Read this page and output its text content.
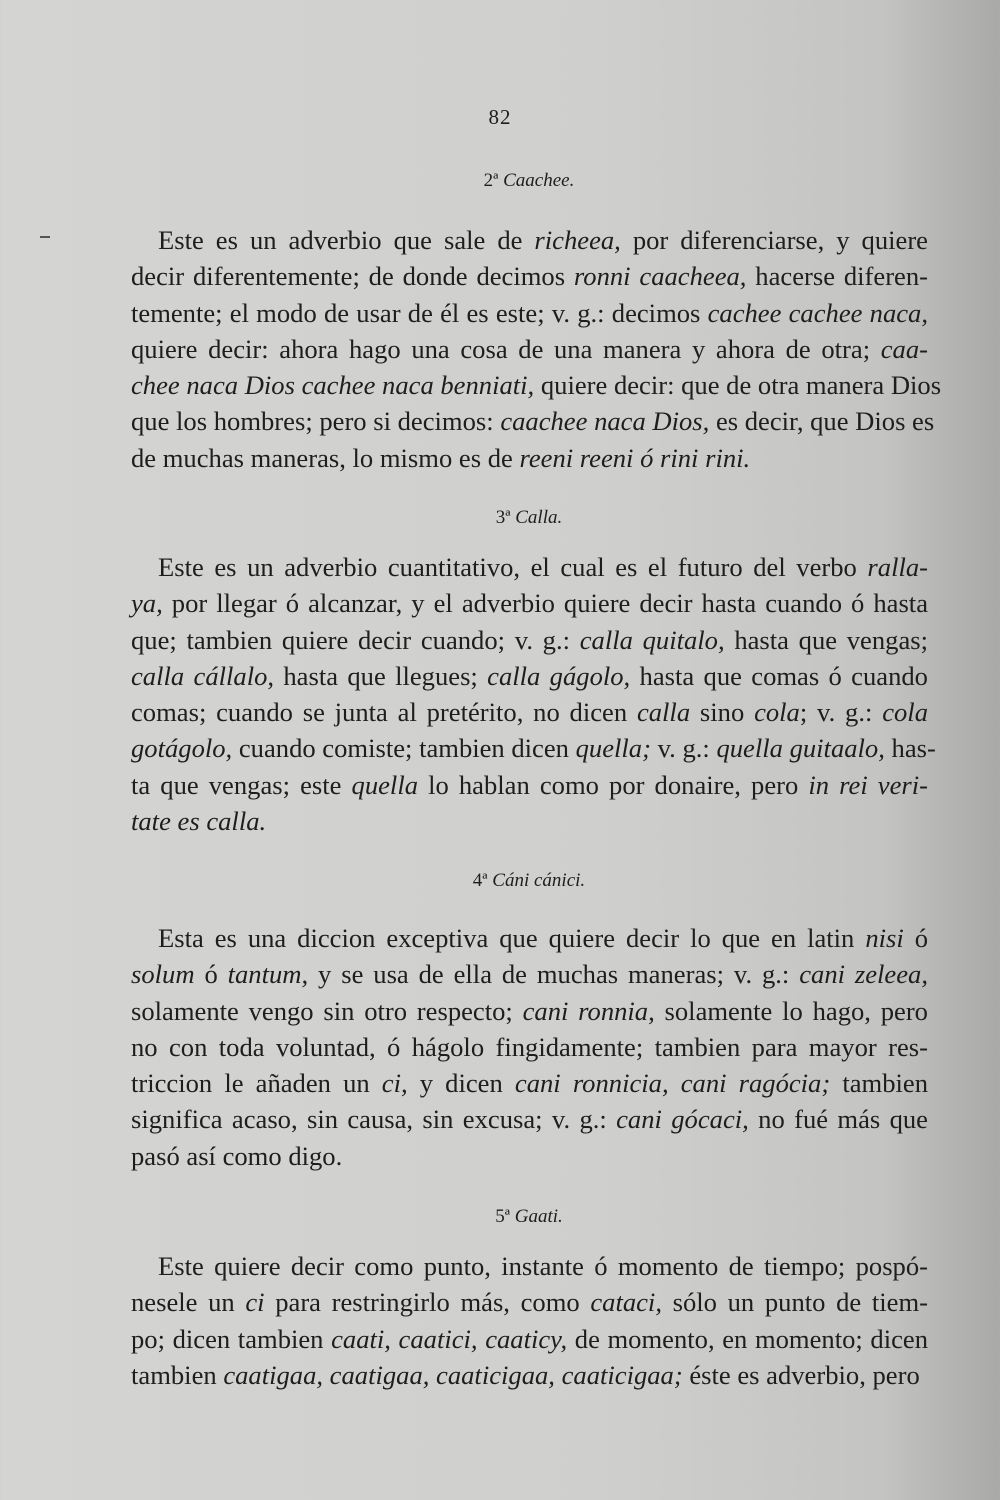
82
2ª Caachee.
Este es un adverbio que sale de richeea, por diferenciarse, y quiere
decir diferentemente; de donde decimos ronni caacheea, hacerse diferen-
temente; el modo de usar de él es este; v. g.: decimos cachee cachee naca,
quiere decir: ahora hago una cosa de una manera y ahora de otra; caa-
chee naca Dios cachee naca benniati, quiere decir: que de otra manera Dios
que los hombres; pero si decimos: caachee naca Dios, es decir, que Dios es
de muchas maneras, lo mismo es de reeni reeni ó rini rini.
3ª Calla.
Este es un adverbio cuantitativo, el cual es el futuro del verbo ralla-
ya, por llegar ó alcanzar, y el adverbio quiere decir hasta cuando ó hasta
que; tambien quiere decir cuando; v. g.: calla quitalo, hasta que vengas;
calla cállalo, hasta que llegues; calla gágolo, hasta que comas ó cuando
comas; cuando se junta al pretérito, no dicen calla sino cola; v. g.: cola
gotágolo, cuando comiste; tambien dicen quella; v. g.: quella guitaalo, has-
ta que vengas; este quella lo hablan como por donaire, pero in rei veri-
tate es calla.
4ª Cáni cánici.
Esta es una diccion exceptiva que quiere decir lo que en latin nisi ó
solum ó tantum, y se usa de ella de muchas maneras; v. g.: cani zeleea,
solamente vengo sin otro respecto; cani ronnia, solamente lo hago, pero
no con toda voluntad, ó hágolo fingidamente; tambien para mayor res-
triccion le añaden un ci, y dicen cani ronnicia, cani ragócia; tambien
significa acaso, sin causa, sin excusa; v. g.: cani gócaci, no fué más que
pasó así como digo.
5ª Gaati.
Este quiere decir como punto, instante ó momento de tiempo; pospó-
nesele un ci para restringirlo más, como cataci, sólo un punto de tiem-
po; dicen tambien caati, caatici, caaticy, de momento, en momento; dicen
tambien caatigaa, caatigaa, caaticigaa, caaticigaa; éste es adverbio, pero
